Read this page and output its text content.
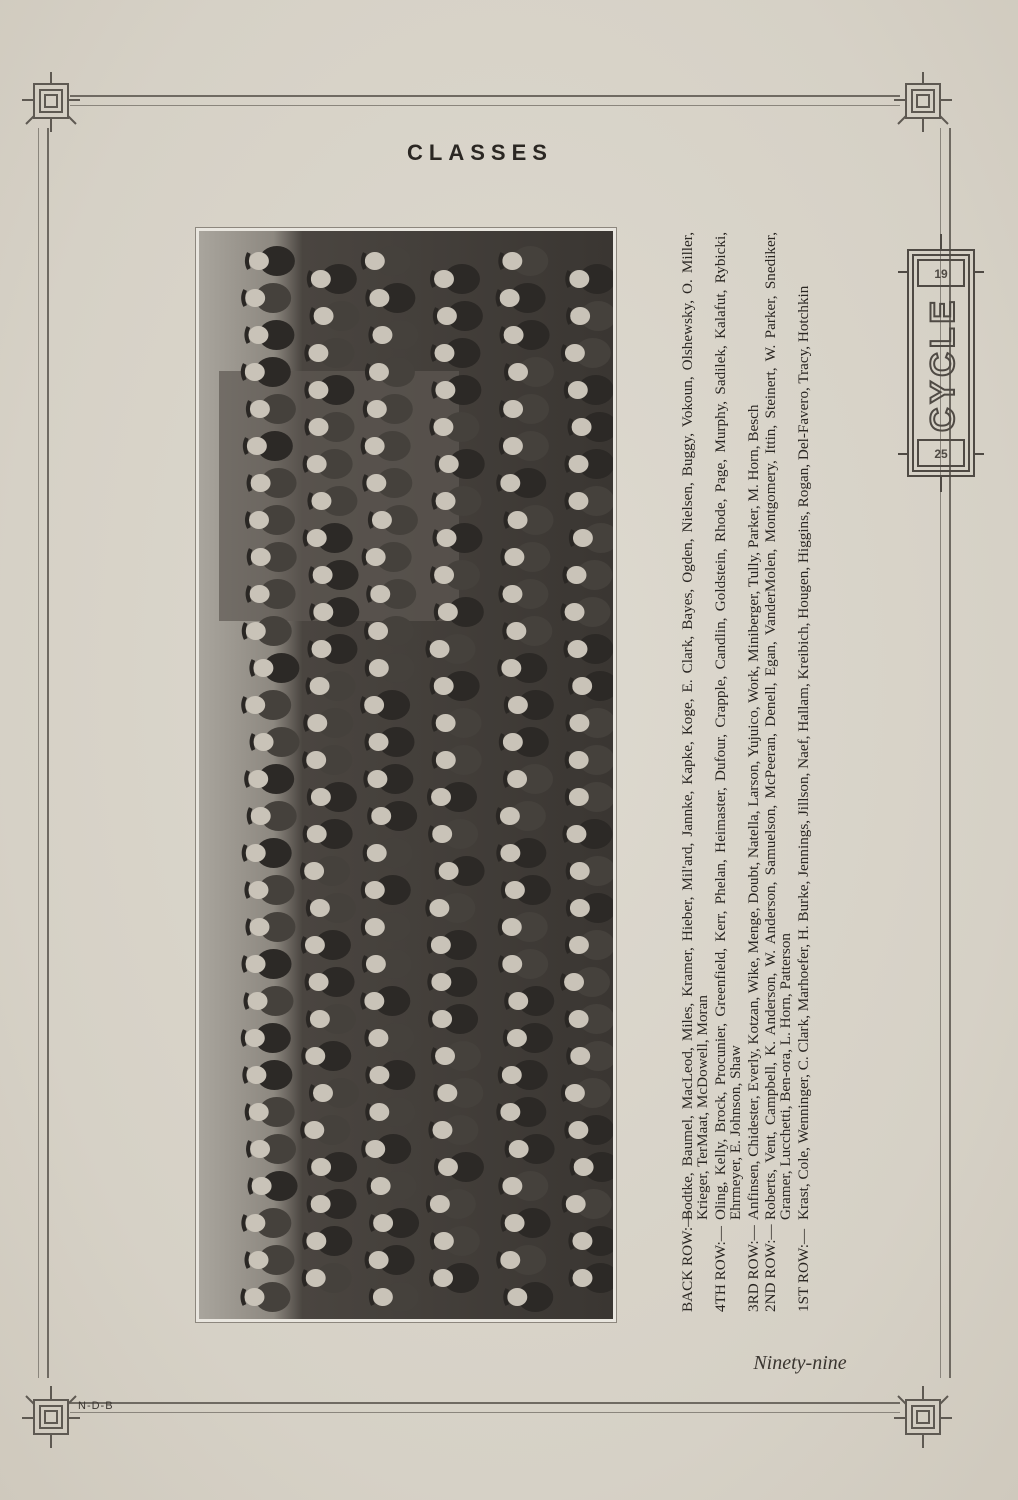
19
25
CYCLE
CLASSES
BACK ROW:—
Bodtke, Baumel, MacLeod, Miles, Kramer, Hieber, Mil'ard, Jannke, Kapke, Koge, E. Clark, Bayes, Ogden, Nielsen, Buggy, Vokoun, Olshewsky, O. Miller, Krieger, TerMaat, McDowell, Moran
4TH ROW:—
Oling, Kelly, Brock, Procunier, Greenfield, Kerr, Phelan, Heimaster, Dufour, Crapple, Candlin, Goldstein, Rhode, Page, Murphy, Sadilek, Kalafut, Rybicki, Ehrmeyer, E. Johnson, Shaw
3RD ROW:—
Anfinsen, Chidester, Everly, Kotzan, Wike, Menge, Doubt, Natella, Larson, Yujuico, Work, Miniberger, Tully, Parker, M. Horn, Besch
2ND ROW:—
Roberts, Vent, Campbell, K. Anderson, W. Anderson, Samuelson, McPeeran, Denell, Egan, VanderMolen, Montgomery, Ittin, Steinert, W. Parker, Snediker, Gramer, Lucchetti, Ben-ora, L. Horn, Patterson
1ST ROW:—
Krast, Cole, Wenninger, C. Clark, Marhoefer, H. Burke, Jennings, Jillson, Naef, Hallam, Kreibich, Hougen, Higgins, Rogan, Del-Favero, Tracy, Hotchkin
Ninety-nine
N-D-B
